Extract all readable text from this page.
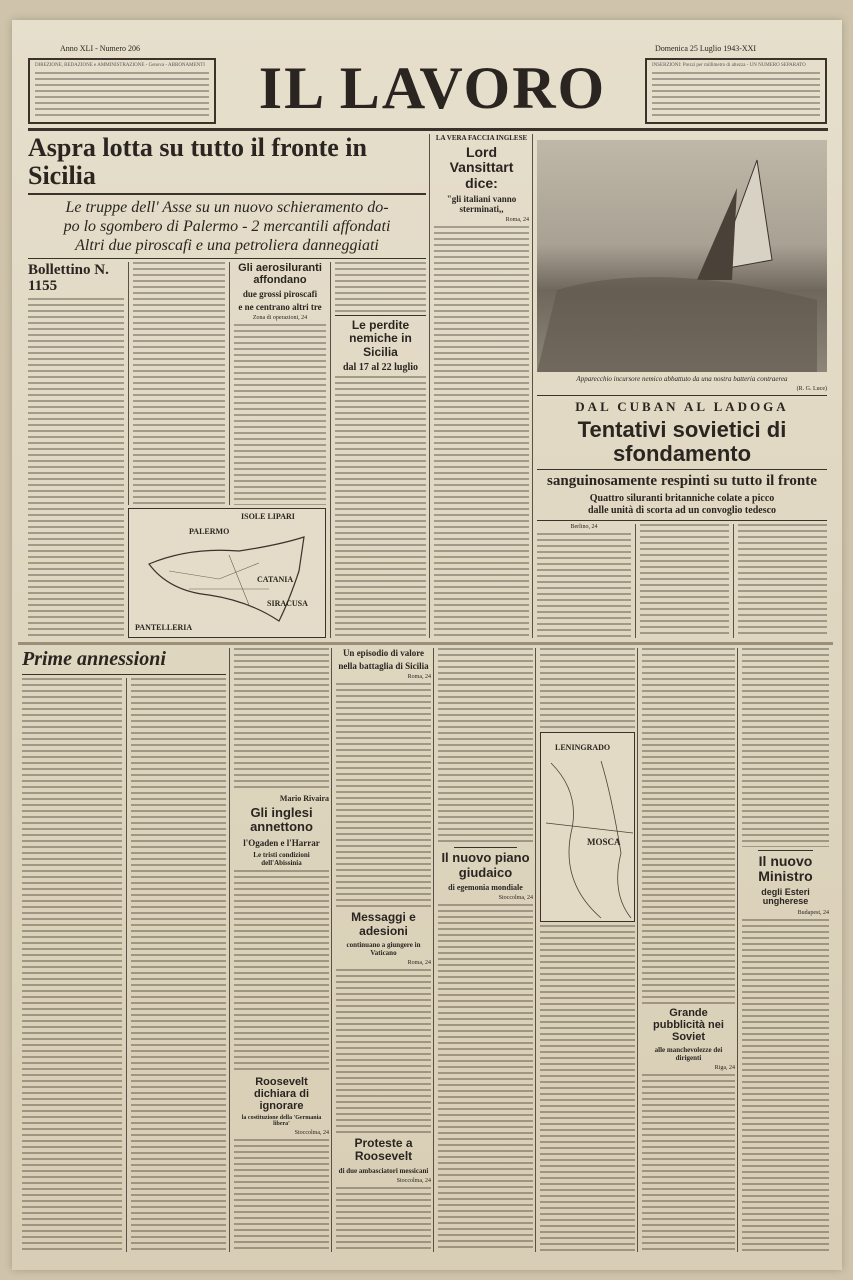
Anno XLI - Numero 206	Domenica 25 Luglio 1943-XXI
DIREZIONE, REDAZIONE e AMMINISTRAZIONE - Genova - ABBONAMENTI IL LAVORO	INSERZIONI: Prezzi per millimetro di altezza - UN NUMERO SEPARATO
Aspra lotta su tutto il fronte in Sicilia
Le truppe dell' Asse su un nuovo schieramento do-
po lo sgombero di Palermo - 2 mercantili affondati
Altri due piroscafi e una petroliera danneggiati
Bollettino N. 1155
Gli aerosiluranti affondano
due grossi piroscafi
e ne centrano altri tre
Zona di operazioni, 24
ISOLE LIPARI
PALERMO
CATANIA
SIRACUSA
PANTELLERIA
Le perdite nemiche in Sicilia
dal 17 al 22 luglio
LA VERA FACCIA INGLESE
Lord Vansittart dice:
"gli italiani vanno sterminati,,
Roma, 24
Apparecchio incursore nemico abbattuto da una nostra batteria contraerea
(R. G. Luce)
DAL CUBAN AL LADOGA
Tentativi sovietici di sfondamento
sanguinosamente respinti su tutto il fronte
Quattro siluranti britanniche colate a picco
dalle unità di scorta ad un convoglio tedesco
Berlino, 24
Prime annessioni
Mario Rivaira
Gli inglesi annettono
l'Ogaden e l'Harrar
Le tristi condizioni dell'Abissinia
Roosevelt dichiara di ignorare
la costituzione della 'Germania libera'
Stoccolma, 24
Un episodio di valore
nella battaglia di Sicilia
Roma, 24
Messaggi e adesioni
continuano a giungere in Vaticano
Roma, 24
Proteste a Roosevelt
di due ambasciatori messicani
Stoccolma, 24
Il nuovo piano giudaico
di egemonia mondiale
Stoccolma, 24
LENINGRADO
MOSCA
Grande pubblicità nei Soviet
alle manchevolezze dei dirigenti
Riga, 24
Il nuovo Ministro
degli Esteri ungherese
Budapest, 24
